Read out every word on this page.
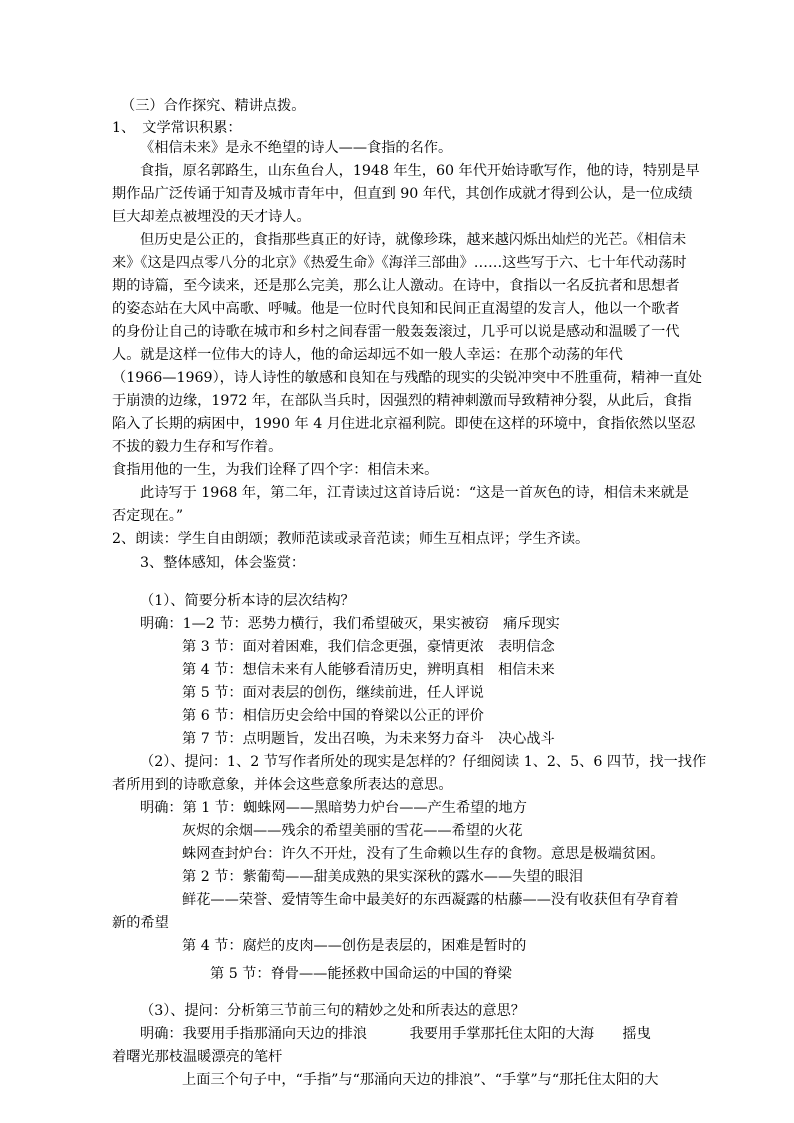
（三）合作探究、精讲点拨。
1、　文学常识积累：
《相信未来》是永不绝望的诗人——食指的名作。
食指，原名郭路生，山东鱼台人，1948 年生，60 年代开始诗歌写作，他的诗，特别是早
期作品广泛传诵于知青及城市青年中，但直到 90 年代，其创作成就才得到公认，是一位成绩
巨大却差点被埋没的天才诗人。
但历史是公正的，食指那些真正的好诗，就像珍珠，越来越闪烁出灿烂的光芒。《相信未
来》《这是四点零八分的北京》《热爱生命》《海洋三部曲》……这些写于六、七十年代动荡时
期的诗篇，至今读来，还是那么完美，那么让人激动。在诗中，食指以一名反抗者和思想者
的姿态站在大风中高歌、呼喊。他是一位时代良知和民间正直渴望的发言人，他以一个歌者
的身份让自己的诗歌在城市和乡村之间春雷一般轰轰滚过，几乎可以说是感动和温暖了一代
人。就是这样一位伟大的诗人，他的命运却远不如一般人幸运：在那个动荡的年代
（1966—1969），诗人诗性的敏感和良知在与残酷的现实的尖锐冲突中不胜重荷，精神一直处
于崩溃的边缘，1972 年，在部队当兵时，因强烈的精神刺激而导致精神分裂，从此后，食指
陷入了长期的病困中，1990 年 4 月住进北京福利院。即使在这样的环境中，食指依然以坚忍
不拔的毅力生存和写作着。
食指用他的一生，为我们诠释了四个字：相信未来。
此诗写于 1968 年，第二年，江青读过这首诗后说：“这是一首灰色的诗，相信未来就是
否定现在。”
2、朗读：学生自由朗颂；教师范读或录音范读；师生互相点评；学生齐读。
3、整体感知，体会鉴赏：
（1）、简要分析本诗的层次结构？
明确：1—2 节：恶势力横行，我们希望破灭，果实被窃　痛斥现实
第 3 节：面对着困难，我们信念更强，豪情更浓　表明信念
第 4 节：想信未来有人能够看清历史，辨明真相　相信未来
第 5 节：面对表层的创伤，继续前进，任人评说
第 6 节：相信历史会给中国的脊梁以公正的评价
第 7 节：点明题旨，发出召唤，为未来努力奋斗　决心战斗
（2）、提问：1、2 节写作者所处的现实是怎样的？仔细阅读 1、2、5、6 四节，找一找作
者所用到的诗歌意象，并体会这些意象所表达的意思。
明确：第 1 节：蜘蛛网——黑暗势力炉台——产生希望的地方
灰烬的余烟——残余的希望美丽的雪花——希望的火花
蛛网查封炉台：许久不开灶，没有了生命赖以生存的食物。意思是极端贫困。
第 2 节：紫葡萄——甜美成熟的果实深秋的露水——失望的眼泪
鲜花——荣誉、爱情等生命中最美好的东西凝露的枯藤——没有收获但有孕育着
新的希望
第 4 节：腐烂的皮肉——创伤是表层的，困难是暂时的
第 5 节：脊骨——能拯救中国命运的中国的脊梁
（3）、提问：分析第三节前三句的精妙之处和所表达的意思？
明确：我要用手指那涌向天边的排浪　　　我要用手掌那托住太阳的大海　　摇曳
着曙光那枝温暖漂亮的笔杆
上面三个句子中，“手指”与“那涌向天边的排浪”、“手掌”与“那托住太阳的大
